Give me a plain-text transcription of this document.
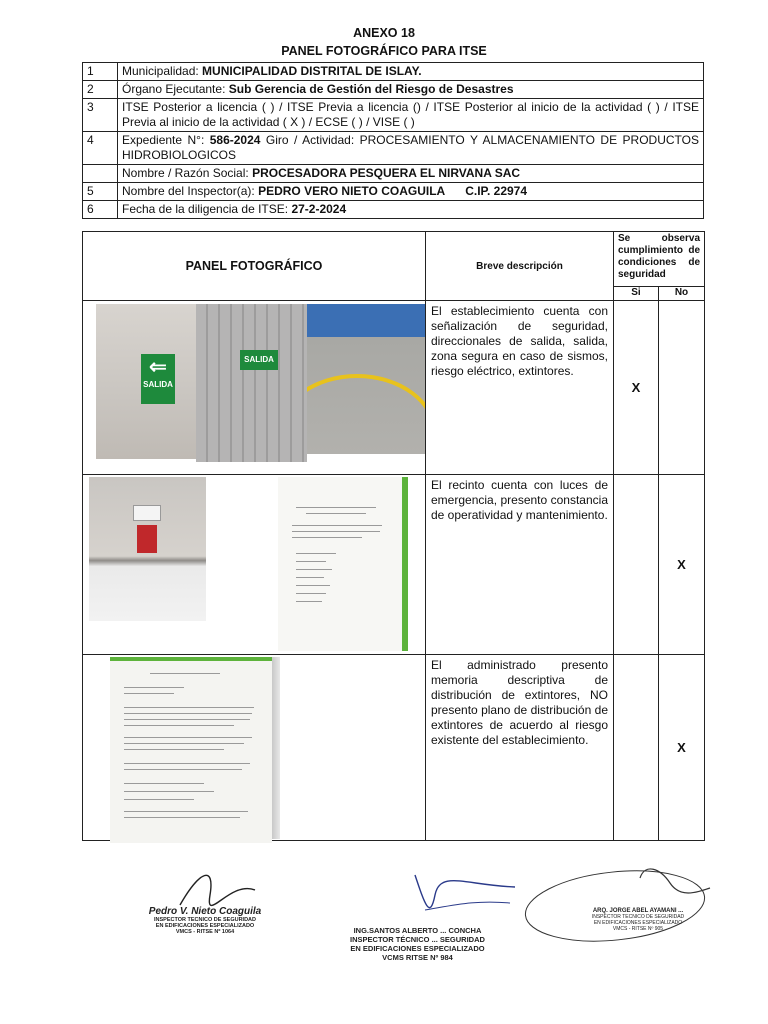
ANEXO 18
PANEL FOTOGRÁFICO PARA ITSE
1	Municipalidad: MUNICIPALIDAD DISTRITAL DE ISLAY.
2	Órgano Ejecutante: Sub Gerencia de Gestión del Riesgo de Desastres
3	ITSE Posterior a licencia ( ) / ITSE Previa a licencia () / ITSE Posterior al inicio de la actividad ( ) / ITSE Previa al inicio de la actividad ( X ) / ECSE ( ) / VISE ( )
4	Expediente N°: 586-2024 Giro / Actividad: PROCESAMIENTO Y ALMACENAMIENTO DE PRODUCTOS HIDROBIOLOGICOS
	Nombre / Razón Social: PROCESADORA PESQUERA EL NIRVANA SAC
5	Nombre del Inspector(a): PEDRO VERO NIETO COAGUILA C.IP. 22974
6	Fecha de la diligencia de ITSE: 27-2-2024
PANEL FOTOGRÁFICO	Breve descripción	Se observa cumplimiento de condiciones de seguridad	
		Si	No

⇐
SALIDA
SALIDA	El establecimiento cuenta con señalización de seguridad, direccionales de salida, salida, zona segura en caso de sismos, riesgo eléctrico, extintores.	X	

	El recinto cuenta con luces de emergencia, presento constancia de operatividad y mantenimiento.		X

	El administrado presento memoria descriptiva de distribución de extintores, NO presento plano de distribución de extintores de acuerdo al riesgo existente del establecimiento.		X
Pedro V. Nieto Coaguila
INSPECTOR TECNICO DE SEGURIDAD
EN EDIFICACIONES ESPECIALIZADO
VMCS - RITSE Nº 1064	ING.SANTOS ALBERTO ... CONCHA
INSPECTOR TÉCNICO ... SEGURIDAD
EN EDIFICACIONES ESPECIALIZADO
VCMS RITSE Nº 984
ARQ. JORGE ABEL AYAMANI ...
INSPECTOR TECNICO DE SEGURIDAD
EN EDIFICACIONES ESPECIALIZADO
VMCS - RITSE Nº 905
